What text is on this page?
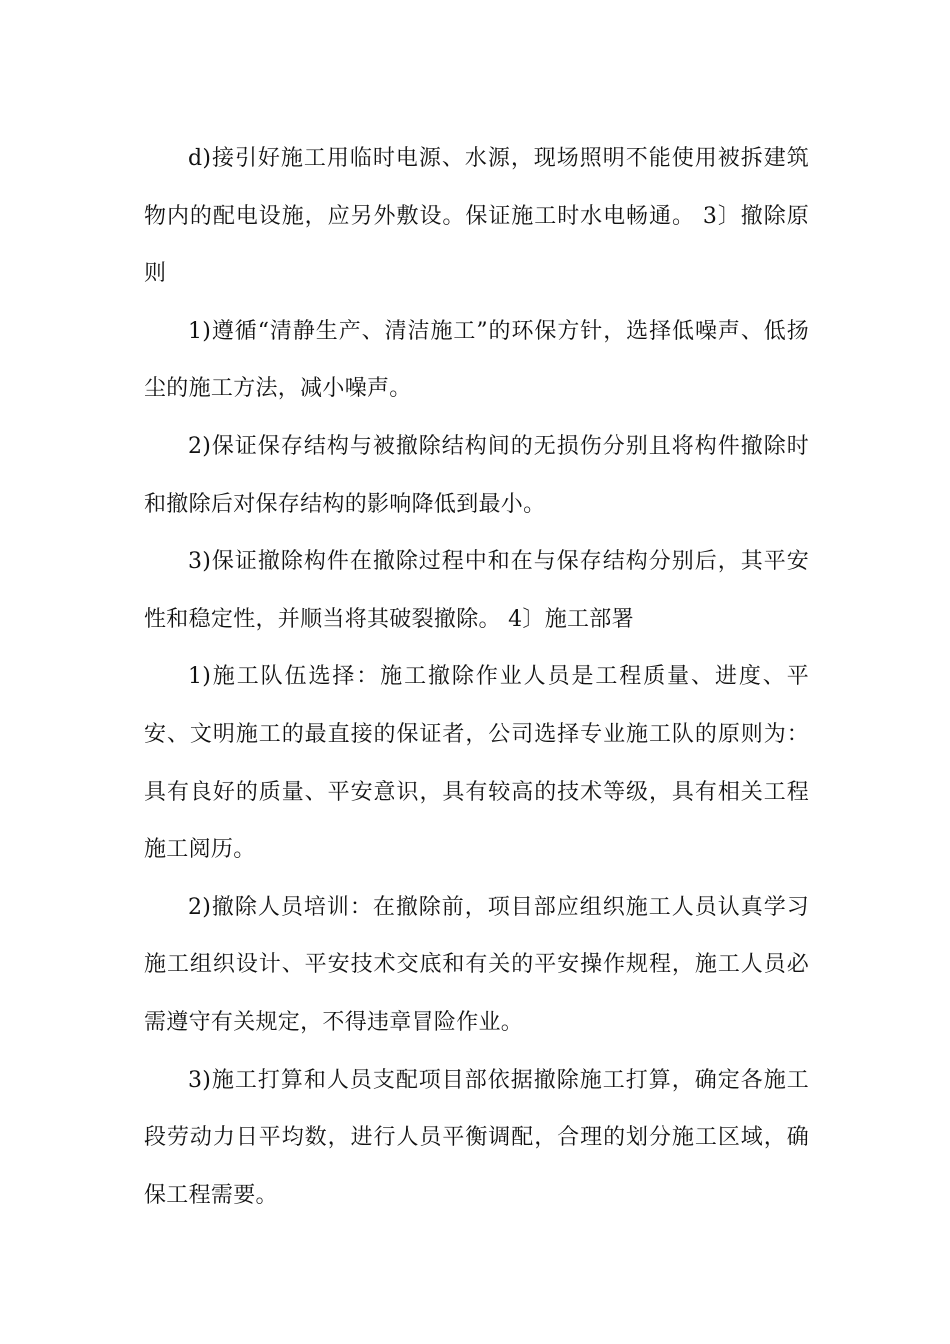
d)接引好施工用临时电源、水源，现场照明不能使用被拆建筑物内的配电设施，应另外敷设。保证施工时水电畅通。 3〕撤除原则

1)遵循“清静生产、清洁施工”的环保方针，选择低噪声、低扬尘的施工方法，减小噪声。

2)保证保存结构与被撤除结构间的无损伤分别且将构件撤除时和撤除后对保存结构的影响降低到最小。

3)保证撤除构件在撤除过程中和在与保存结构分别后，其平安性和稳定性，并顺当将其破裂撤除。 4〕施工部署

1)施工队伍选择：施工撤除作业人员是工程质量、进度、平安、文明施工的最直接的保证者，公司选择专业施工队的原则为：具有良好的质量、平安意识，具有较高的技术等级，具有相关工程施工阅历。

2)撤除人员培训：在撤除前，项目部应组织施工人员认真学习施工组织设计、平安技术交底和有关的平安操作规程，施工人员必需遵守有关规定，不得违章冒险作业。

3)施工打算和人员支配项目部依据撤除施工打算，确定各施工段劳动力日平均数，进行人员平衡调配，合理的划分施工区域，确保工程需要。
